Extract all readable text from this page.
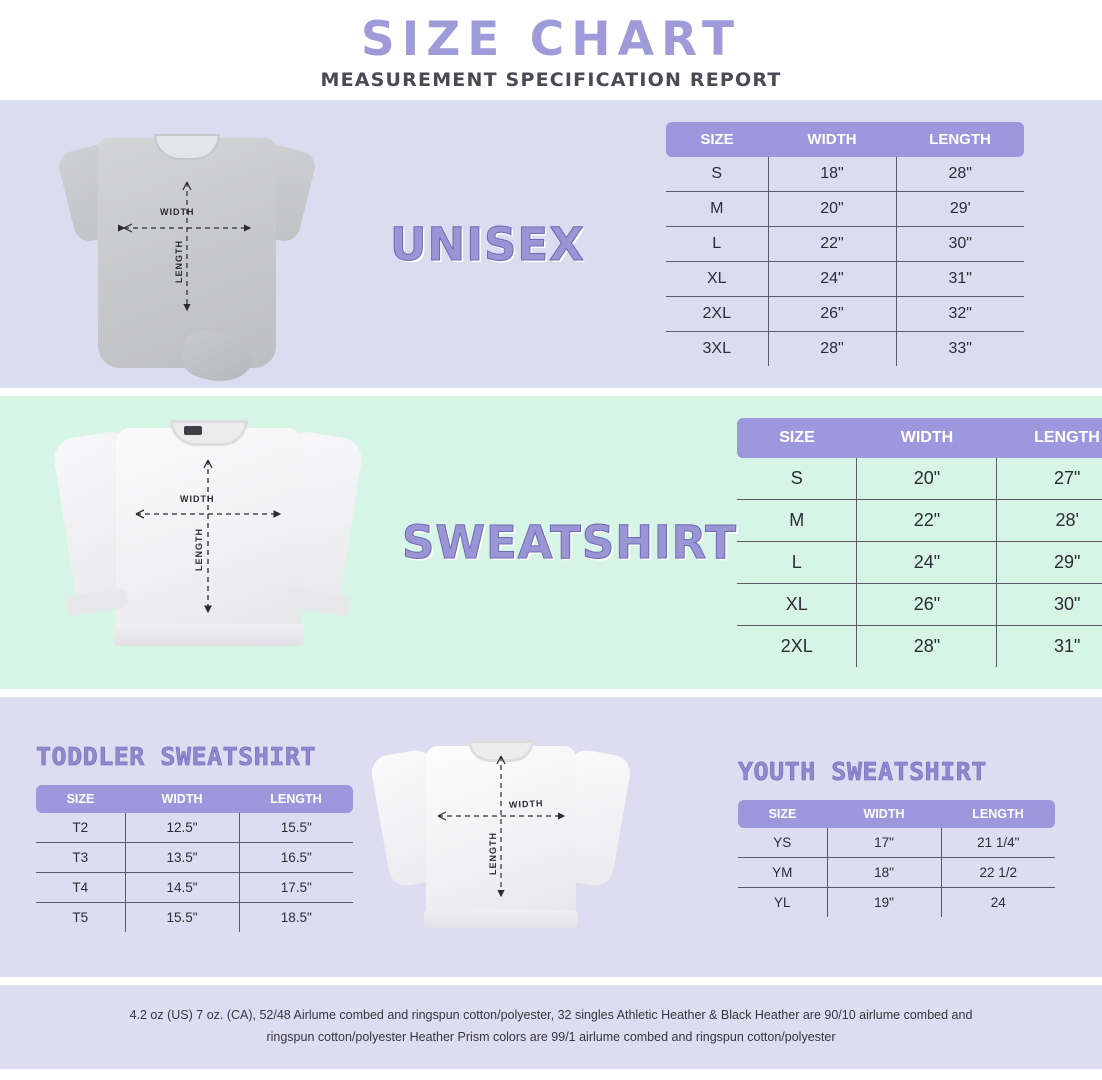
SIZE CHART
MEASUREMENT SPECIFICATION REPORT
WIDTH
LENGTH	UNISEX
SIZE	WIDTH	LENGTH
S	18"	28"
M	20"	29'
L	22"	30"
XL	24"	31"
2XL	26"	32"
3XL	28"	33"
WIDTH
LENGTH	SWEATSHIRT
SIZE	WIDTH	LENGTH
S	20"	27"
M	22"	28'
L	24"	29"
XL	26"	30"
2XL	28"	31"
TODDLER SWEATSHIRT
SIZE	WIDTH	LENGTH
T2	12.5"	15.5"
T3	13.5"	16.5"
T4	14.5"	17.5"
T5	15.5"	18.5"
WIDTH
LENGTH
YOUTH SWEATSHIRT
SIZE	WIDTH	LENGTH
YS	17"	21 1/4"
YM	18"	22 1/2
YL	19"	24

4.2 oz (US) 7 oz. (CA), 52/48 Airlume combed and ringspun cotton/polyester, 32 singles Athletic Heather & Black Heather are 90/10 airlume combed and
ringspun cotton/polyester Heather Prism colors are 99/1 airlume combed and ringspun cotton/polyester
